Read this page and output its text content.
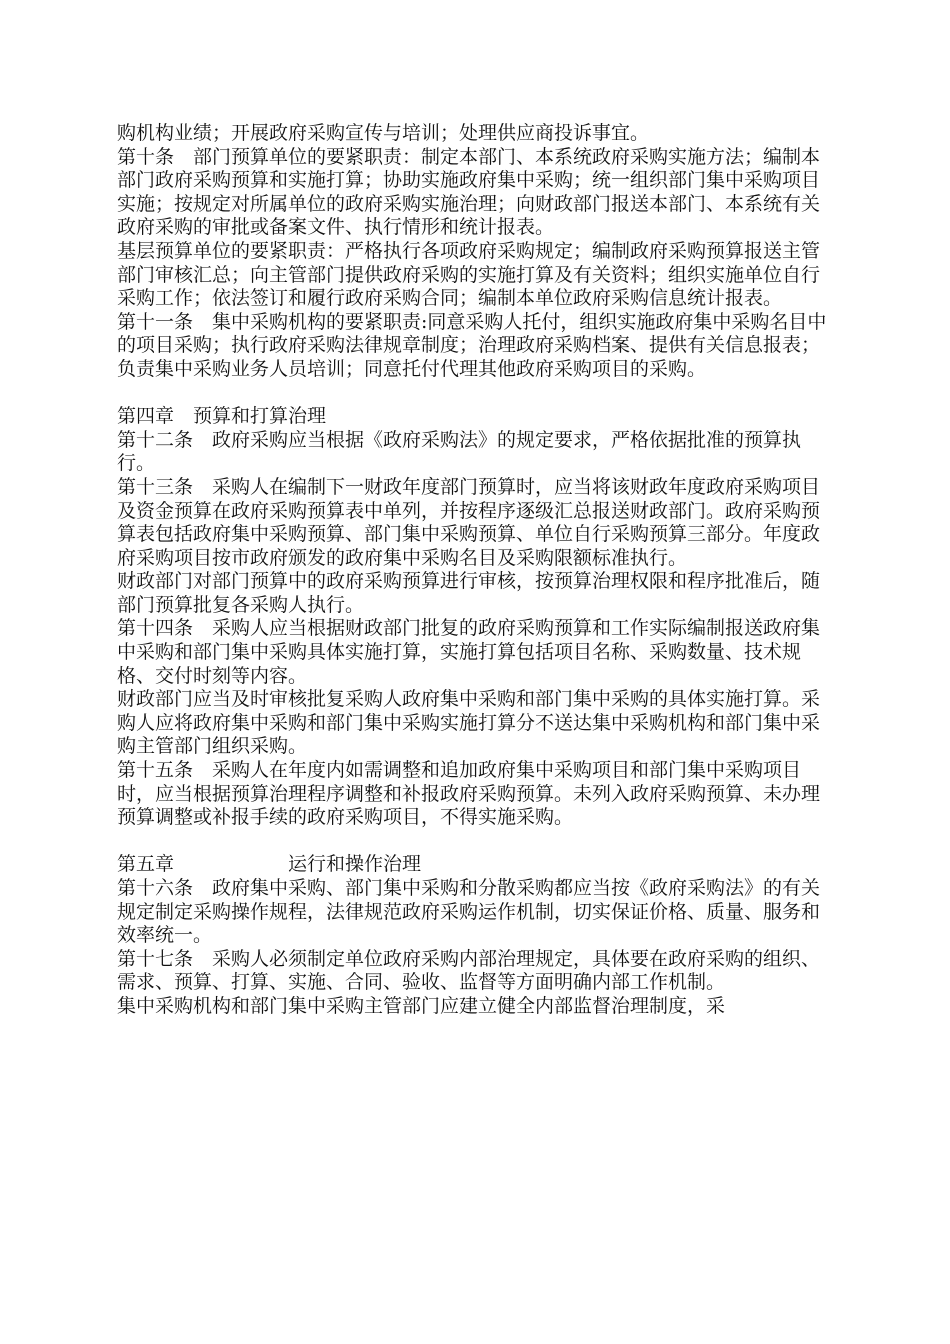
购机构业绩；开展政府采购宣传与培训；处理供应商投诉事宜。

第十条　部门预算单位的要紧职责：制定本部门、本系统政府采购实施方法；编制本部门政府采购预算和实施打算；协助实施政府集中采购；统一组织部门集中采购项目实施；按规定对所属单位的政府采购实施治理；向财政部门报送本部门、本系统有关政府采购的审批或备案文件、执行情形和统计报表。

基层预算单位的要紧职责：严格执行各项政府采购规定；编制政府采购预算报送主管部门审核汇总；向主管部门提供政府采购的实施打算及有关资料；组织实施单位自行采购工作；依法签订和履行政府采购合同；编制本单位政府采购信息统计报表。

第十一条　集中采购机构的要紧职责:同意采购人托付，组织实施政府集中采购名目中的项目采购；执行政府采购法律规章制度；治理政府采购档案、提供有关信息报表；负责集中采购业务人员培训；同意托付代理其他政府采购项目的采购。

第四章　预算和打算治理

第十二条　政府采购应当根据《政府采购法》的规定要求，严格依据批准的预算执行。

第十三条　采购人在编制下一财政年度部门预算时，应当将该财政年度政府采购项目及资金预算在政府采购预算表中单列，并按程序逐级汇总报送财政部门。政府采购预算表包括政府集中采购预算、部门集中采购预算、单位自行采购预算三部分。年度政府采购项目按市政府颁发的政府集中采购名目及采购限额标准执行。

财政部门对部门预算中的政府采购预算进行审核，按预算治理权限和程序批准后，随部门预算批复各采购人执行。

第十四条　采购人应当根据财政部门批复的政府采购预算和工作实际编制报送政府集中采购和部门集中采购具体实施打算，实施打算包括项目名称、采购数量、技术规格、交付时刻等内容。

财政部门应当及时审核批复采购人政府集中采购和部门集中采购的具体实施打算。采购人应将政府集中采购和部门集中采购实施打算分不送达集中采购机构和部门集中采购主管部门组织采购。

第十五条　采购人在年度内如需调整和追加政府集中采购项目和部门集中采购项目时，应当根据预算治理程序调整和补报政府采购预算。未列入政府采购预算、未办理预算调整或补报手续的政府采购项目，不得实施采购。

第五章　　　　　　运行和操作治理

第十六条　政府集中采购、部门集中采购和分散采购都应当按《政府采购法》的有关规定制定采购操作规程，法律规范政府采购运作机制，切实保证价格、质量、服务和效率统一。

第十七条　采购人必须制定单位政府采购内部治理规定，具体要在政府采购的组织、需求、预算、打算、实施、合同、验收、监督等方面明确内部工作机制。

集中采购机构和部门集中采购主管部门应建立健全内部监督治理制度，采
